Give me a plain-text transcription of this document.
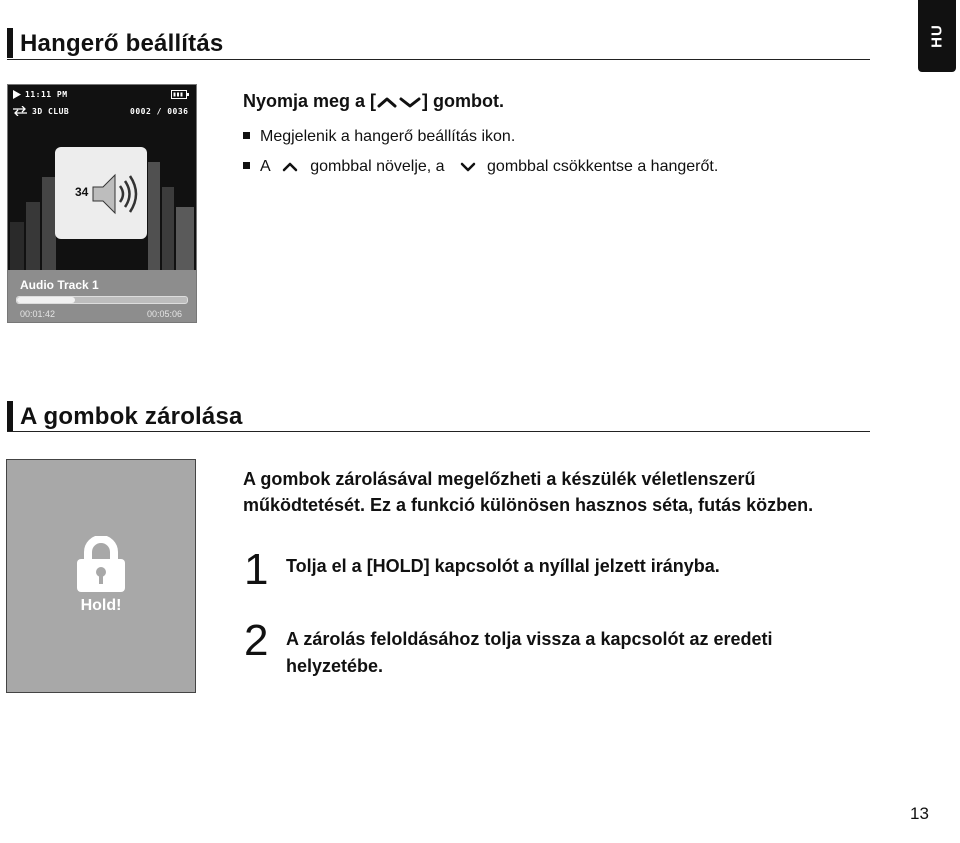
HU
Hangerő beállítás
11:11 PM
3D CLUB	0002 / 0036
34
Audio Track 1
00:01:42	00:05:06
Nyomja meg a [	] gombot.
Megjelenik a hangerő beállítás ikon.
A	gombbal növelje, a	gombbal csökkentse a hangerőt.
A gombok zárolása
Hold!
A gombok zárolásával megelőzheti a készülék véletlenszerű működtetését. Ez a funkció különösen hasznos séta, futás közben.
1 Tolja el a [HOLD] kapcsolót a nyíllal jelzett irányba.
2 A zárolás feloldásához tolja vissza a kapcsolót az eredeti helyzetébe.
13
